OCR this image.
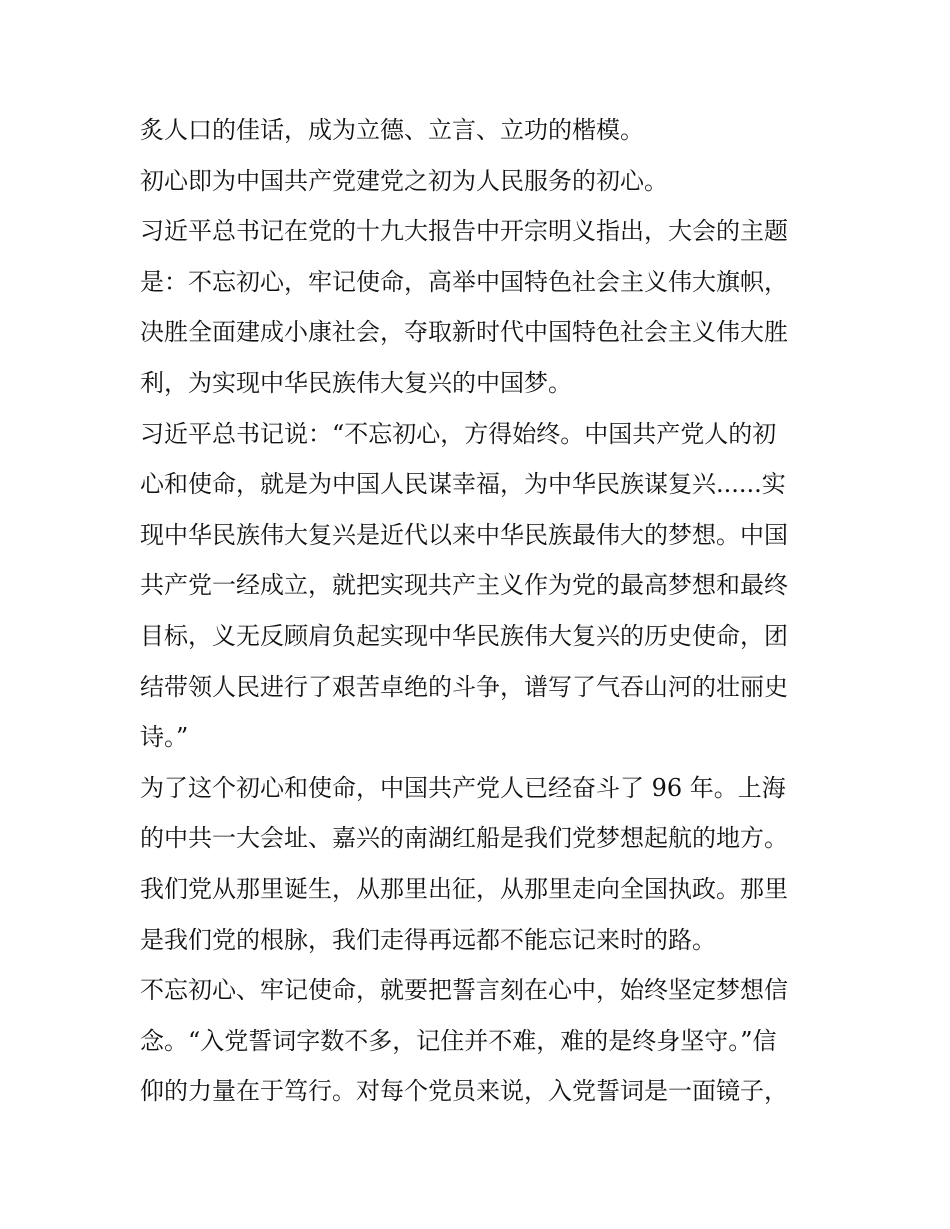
炙人口的佳话，成为立德、立言、立功的楷模。
初心即为中国共产党建党之初为人民服务的初心。
习近平总书记在党的十九大报告中开宗明义指出，大会的主题
是：不忘初心，牢记使命，高举中国特色社会主义伟大旗帜，
决胜全面建成小康社会，夺取新时代中国特色社会主义伟大胜
利，为实现中华民族伟大复兴的中国梦。
习近平总书记说：“不忘初心，方得始终。中国共产党人的初
心和使命，就是为中国人民谋幸福，为中华民族谋复兴......实
现中华民族伟大复兴是近代以来中华民族最伟大的梦想。中国
共产党一经成立，就把实现共产主义作为党的最高梦想和最终
目标，义无反顾肩负起实现中华民族伟大复兴的历史使命，团
结带领人民进行了艰苦卓绝的斗争，谱写了气吞山河的壮丽史
诗。”
为了这个初心和使命，中国共产党人已经奋斗了 96 年。上海
的中共一大会址、嘉兴的南湖红船是我们党梦想起航的地方。
我们党从那里诞生，从那里出征，从那里走向全国执政。那里
是我们党的根脉，我们走得再远都不能忘记来时的路。
不忘初心、牢记使命，就要把誓言刻在心中，始终坚定梦想信
念。“入党誓词字数不多，记住并不难，难的是终身坚守。”信
仰的力量在于笃行。对每个党员来说，入党誓词是一面镜子，
